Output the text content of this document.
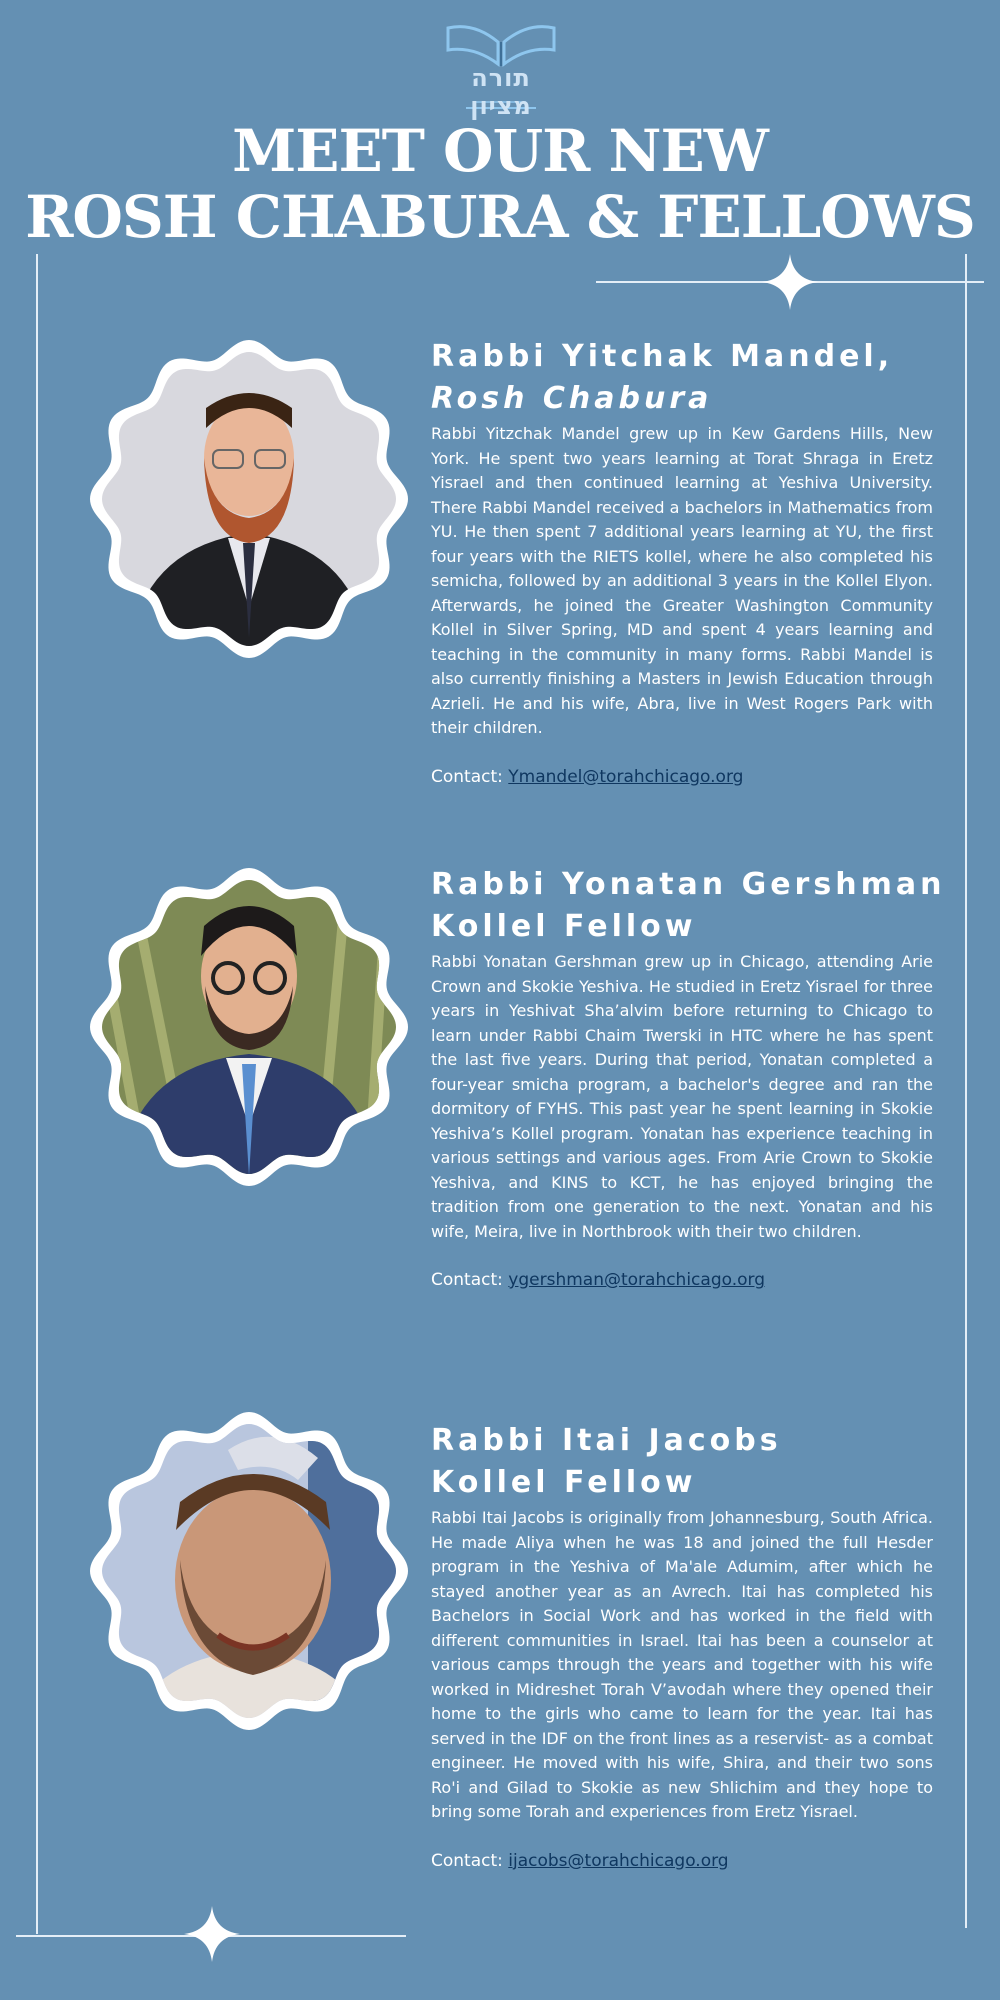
תורה מציון
MEET OUR NEW
ROSH CHABURA & FELLOWS
Rabbi Yitchak Mandel,
Rosh Chabura
Rabbi Yitzchak Mandel grew up in Kew Gardens Hills, New York. He spent two years learning at Torat Shraga in Eretz Yisrael and then continued learning at Yeshiva University. There Rabbi Mandel received a bachelors in Mathematics from YU. He then spent 7 additional years learning at YU, the first four years with the RIETS kollel, where he also completed his semicha, followed by an additional 3 years in the Kollel Elyon. Afterwards, he joined the Greater Washington Community Kollel in Silver Spring, MD and spent 4 years learning and teaching in the community in many forms. Rabbi Mandel is also currently finishing a Masters in Jewish Education through Azrieli. He and his wife, Abra, live in West Rogers Park with their children.
Contact: Ymandel@torahchicago.org
Rabbi Yonatan Gershman
Kollel Fellow
Rabbi Yonatan Gershman grew up in Chicago, attending Arie Crown and Skokie Yeshiva. He studied in Eretz Yisrael for three years in Yeshivat Sha’alvim before returning to Chicago to learn under Rabbi Chaim Twerski in HTC where he has spent the last five years. During that period, Yonatan completed a four-year smicha program, a bachelor's degree and ran the dormitory of FYHS. This past year he spent learning in Skokie Yeshiva’s Kollel program. Yonatan has experience teaching in various settings and various ages. From Arie Crown to Skokie Yeshiva, and KINS to KCT, he has enjoyed bringing the tradition from one generation to the next. Yonatan and his wife, Meira, live in Northbrook with their two children.
Contact: ygershman@torahchicago.org
Rabbi Itai Jacobs
Kollel Fellow
Rabbi Itai Jacobs is originally from Johannesburg, South Africa. He made Aliya when he was 18 and joined the full Hesder program in the Yeshiva of Ma'ale Adumim, after which he stayed another year as an Avrech. Itai has completed his Bachelors in Social Work and has worked in the field with different communities in Israel. Itai has been a counselor at various camps through the years and together with his wife worked in Midreshet Torah V’avodah where they opened their home to the girls who came to learn for the year. Itai has served in the IDF on the front lines as a reservist- as a combat engineer. He moved with his wife, Shira, and their two sons Ro'i and Gilad to Skokie as new Shlichim and they hope to bring some Torah and experiences from Eretz Yisrael.
Contact: ijacobs@torahchicago.org
